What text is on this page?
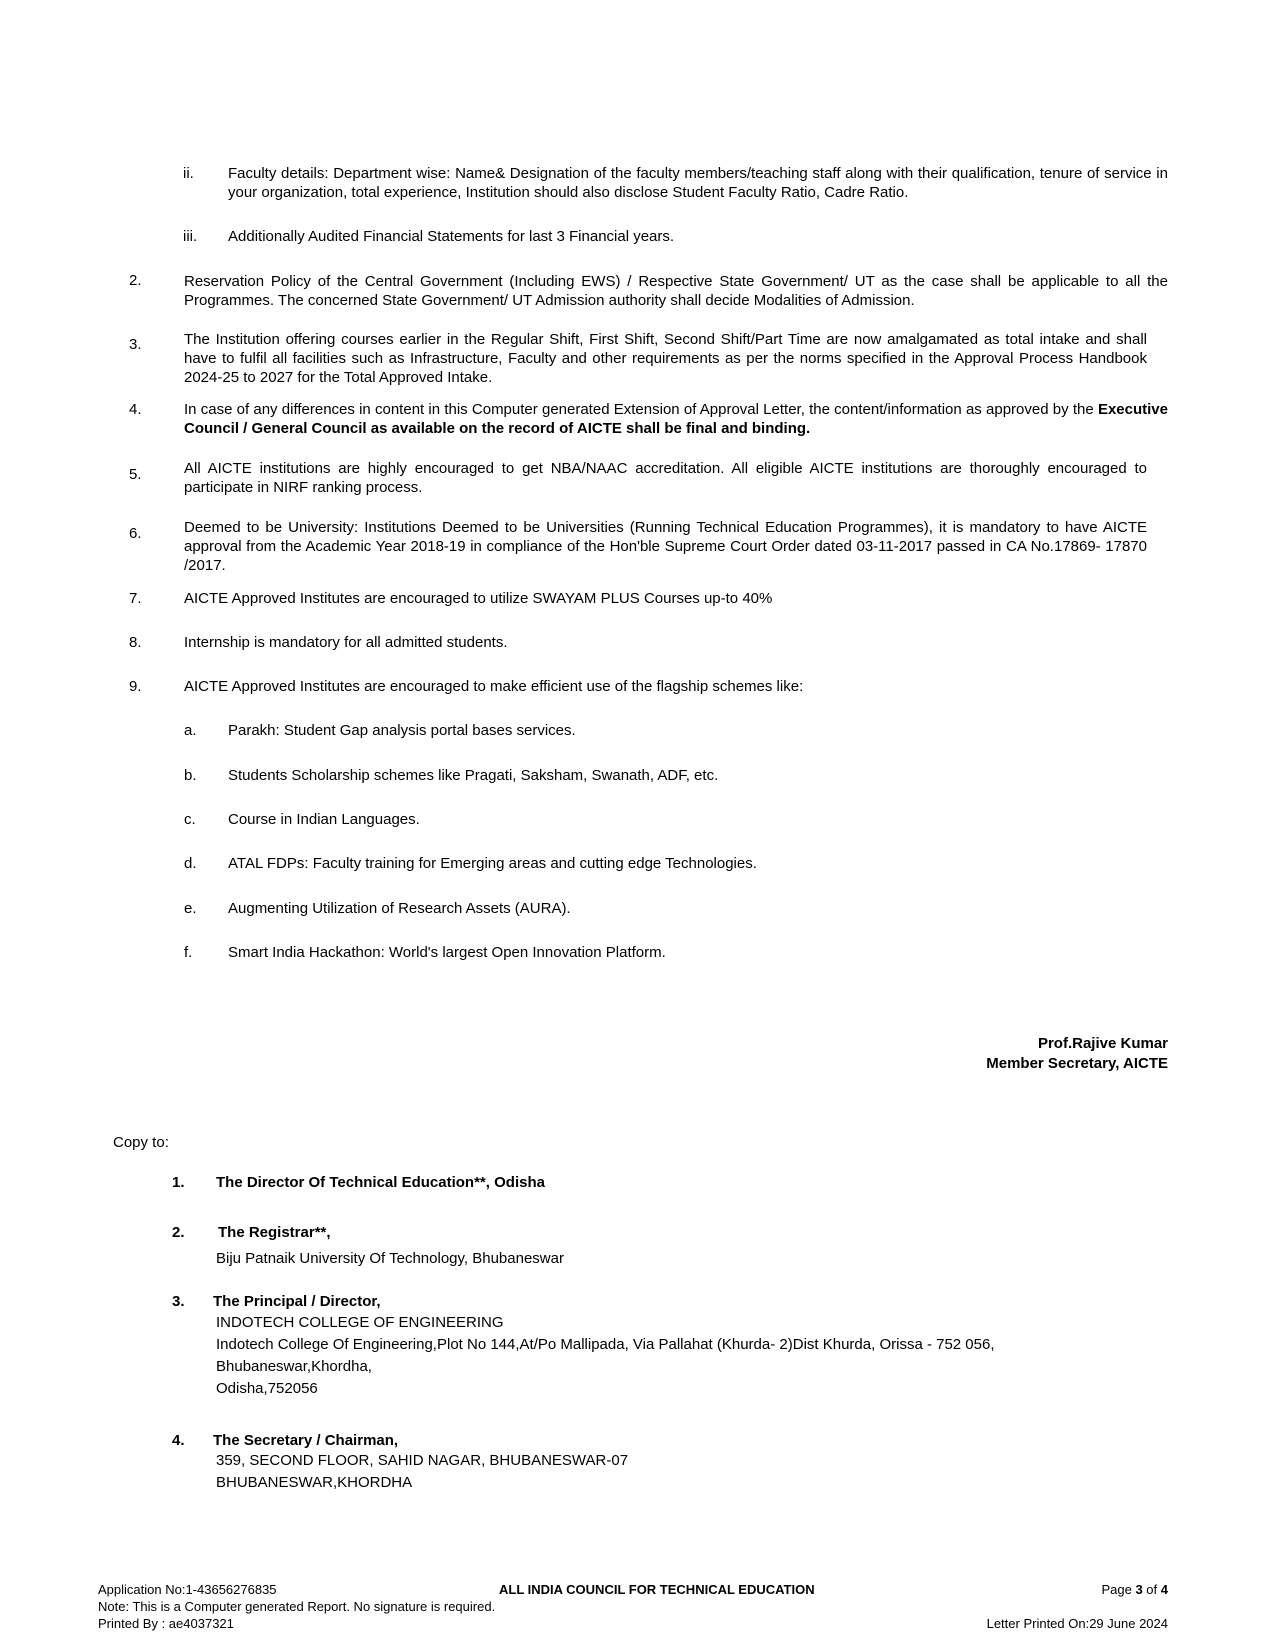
ii. Faculty details: Department wise: Name& Designation of the faculty members/teaching staff along with their qualification, tenure of service in your organization, total experience, Institution should also disclose Student Faculty Ratio, Cadre Ratio.
iii. Additionally Audited Financial Statements for last 3 Financial years.
2.	Reservation Policy of the Central Government (Including EWS) / Respective State Government/ UT as the case shall be applicable to all the Programmes. The concerned State Government/ UT Admission authority shall decide Modalities of Admission.
3.	The Institution offering courses earlier in the Regular Shift, First Shift, Second Shift/Part Time are now amalgamated as total intake and shall have to fulfil all facilities such as Infrastructure, Faculty and other requirements as per the norms specified in the Approval Process Handbook 2024-25 to 2027 for the Total Approved Intake.
4.	In case of any differences in content in this Computer generated Extension of Approval Letter, the content/information as approved by the Executive Council / General Council as available on the record of AICTE shall be final and binding.
5.	All AICTE institutions are highly encouraged to get NBA/NAAC accreditation. All eligible AICTE institutions are thoroughly encouraged to participate in NIRF ranking process.
6.	Deemed to be University: Institutions Deemed to be Universities (Running Technical Education Programmes), it is mandatory to have AICTE approval from the Academic Year 2018-19 in compliance of the Hon'ble Supreme Court Order dated 03-11-2017 passed in CA No.17869- 17870 /2017.
7.	AICTE Approved Institutes are encouraged to utilize SWAYAM PLUS Courses up-to 40%
8.	Internship is mandatory for all admitted students.
9.	AICTE Approved Institutes are encouraged to make efficient use of the flagship schemes like:
a. Parakh: Student Gap analysis portal bases services.
b. Students Scholarship schemes like Pragati, Saksham, Swanath, ADF, etc.
c. Course in Indian Languages.
d. ATAL FDPs: Faculty training for Emerging areas and cutting edge Technologies.
e. Augmenting Utilization of Research Assets (AURA).
f. Smart India Hackathon: World's largest Open Innovation Platform.
Prof.Rajive Kumar
Member Secretary, AICTE
Copy to:
1. The Director Of Technical Education**, Odisha
2. The Registrar**,
Biju Patnaik University Of Technology, Bhubaneswar
3. The Principal / Director,
INDOTECH COLLEGE OF ENGINEERING
Indotech College Of Engineering,Plot No 144,At/Po Mallipada, Via Pallahat (Khurda- 2)Dist Khurda, Orissa - 752 056,
Bhubaneswar,Khordha,
Odisha,752056
4. The Secretary / Chairman,
359, SECOND FLOOR, SAHID NAGAR, BHUBANESWAR-07
BHUBANESWAR,KHORDHA
Application No:1-43656276835	ALL INDIA COUNCIL FOR TECHNICAL EDUCATION	Page 3 of 4
Note: This is a Computer generated Report. No signature is required.
Printed By : ae4037321	Letter Printed On:29 June 2024
